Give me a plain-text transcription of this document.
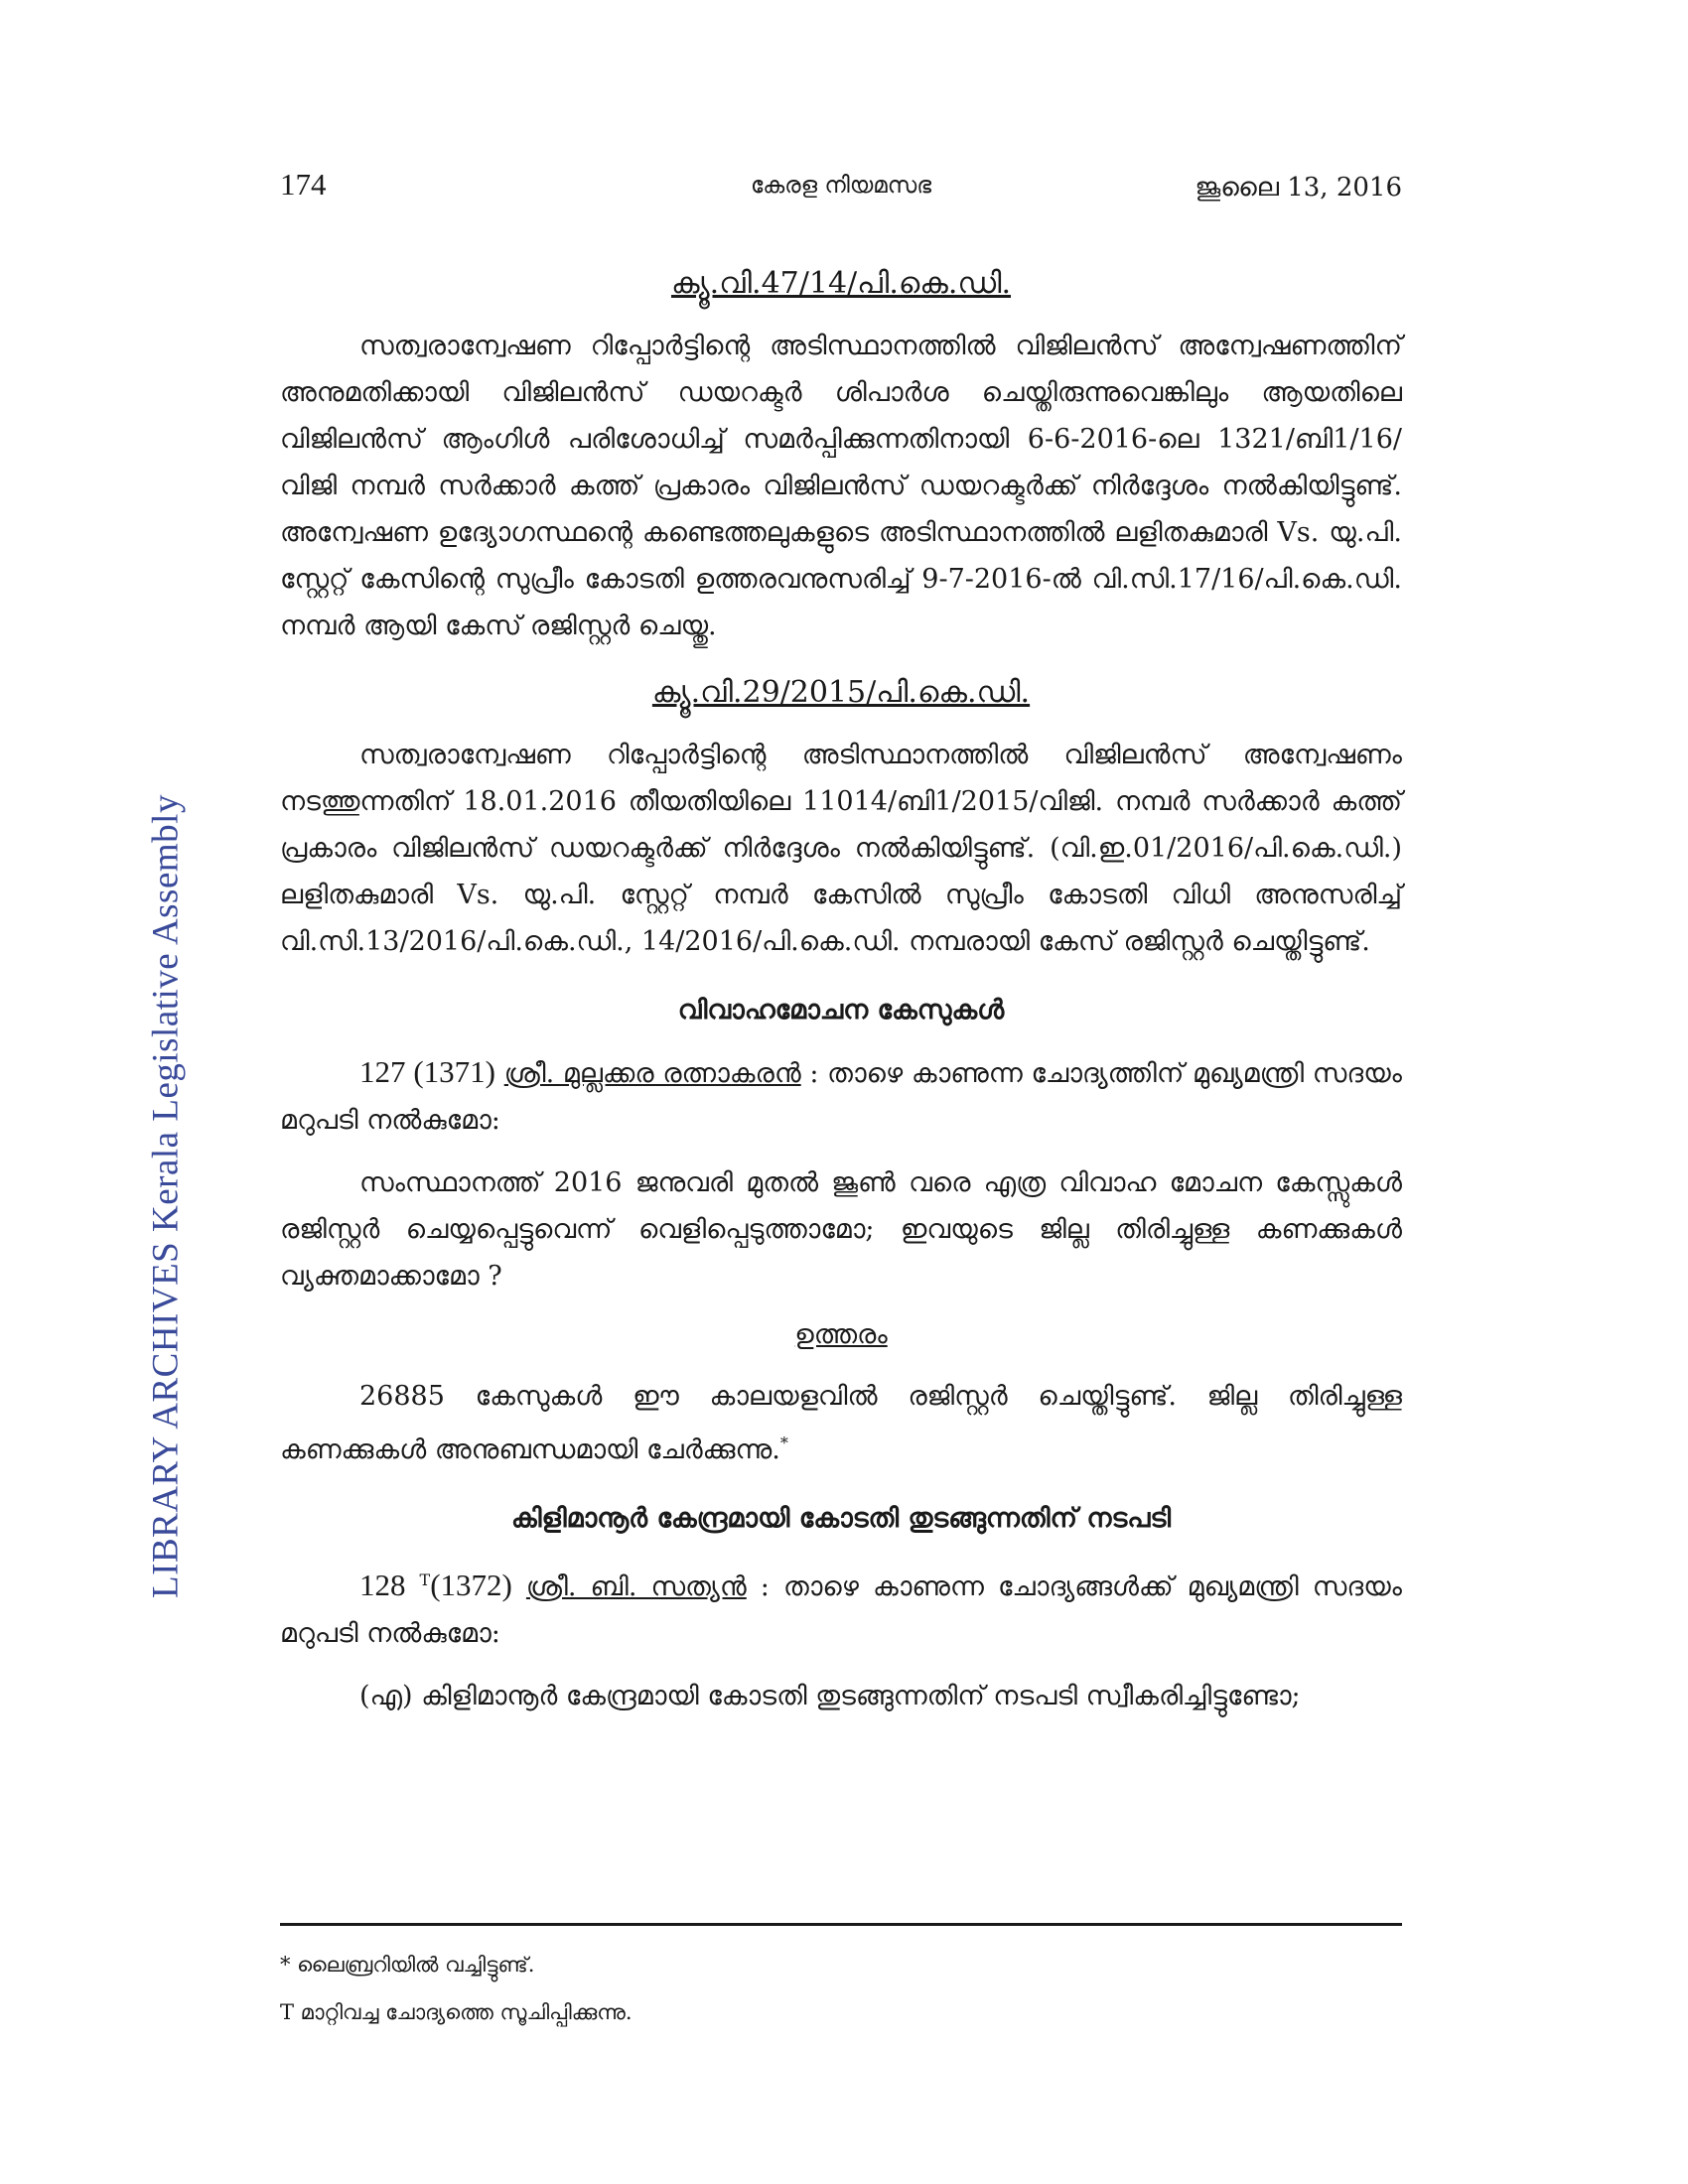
LIBRARY ARCHIVES Kerala Legislative Assembly
174	കേരള നിയമസഭ	ജൂലൈ 13, 2016
ക്യൂ.വി.47/14/പി.കെ.ഡി.

സത്വരാന്വേഷണ റിപ്പോർട്ടിന്റെ അടിസ്ഥാനത്തിൽ വിജിലൻസ് അന്വേഷണത്തിന് അനുമതിക്കായി വിജിലൻസ് ഡയറക്ടർ ശിപാർശ ചെയ്തിരുന്നുവെങ്കിലും ആയതിലെ വിജിലൻസ് ആംഗിൾ പരിശോധിച്ച് സമർപ്പിക്കുന്നതിനായി 6-6-2016-ലെ 1321/ബി1/16/വിജി നമ്പർ സർക്കാർ കത്ത് പ്രകാരം വിജിലൻസ് ഡയറക്ടർക്ക് നിർദ്ദേശം നൽകിയിട്ടുണ്ട്. അന്വേഷണ ഉദ്യോഗസ്ഥന്റെ കണ്ടെത്തലുകളുടെ അടിസ്ഥാനത്തിൽ ലളിതകുമാരി Vs. യു.പി. സ്റ്റേറ്റ് കേസിന്റെ സുപ്രീം കോടതി ഉത്തരവനുസരിച്ച് 9-7-2016-ൽ വി.സി.17/16/പി.കെ.ഡി. നമ്പർ ആയി കേസ് രജിസ്റ്റർ ചെയ്തു.

ക്യൂ.വി.29/2015/പി.കെ.ഡി.

സത്വരാന്വേഷണ റിപ്പോർട്ടിന്റെ അടിസ്ഥാനത്തിൽ വിജിലൻസ് അന്വേഷണം നടത്തുന്നതിന് 18.01.2016 തീയതിയിലെ 11014/ബി1/2015/വിജി. നമ്പർ സർക്കാർ കത്ത് പ്രകാരം വിജിലൻസ് ഡയറക്ടർക്ക് നിർദ്ദേശം നൽകിയിട്ടുണ്ട്. (വി.ഇ.01/2016/പി.കെ.ഡി.) ലളിതകുമാരി Vs. യു.പി. സ്റ്റേറ്റ് നമ്പർ കേസിൽ സുപ്രീം കോടതി വിധി അനുസരിച്ച് വി.സി.13/2016/പി.കെ.ഡി., 14/2016/പി.കെ.ഡി. നമ്പരായി കേസ് രജിസ്റ്റർ ചെയ്തിട്ടുണ്ട്.

വിവാഹമോചന കേസുകൾ

127 (1371) ശ്രീ. മുല്ലക്കര രത്നാകരൻ : താഴെ കാണുന്ന ചോദ്യത്തിന് മുഖ്യമന്ത്രി സദയം മറുപടി നൽകുമോ:

സംസ്ഥാനത്ത് 2016 ജനുവരി മുതൽ ജൂൺ വരെ എത്ര വിവാഹ മോചന കേസ്സുകൾ രജിസ്റ്റർ ചെയ്യപ്പെട്ടുവെന്ന് വെളിപ്പെടുത്താമോ; ഇവയുടെ ജില്ല തിരിച്ചുള്ള കണക്കുകൾ വ്യക്തമാക്കാമോ ?

ഉത്തരം

26885 കേസുകൾ ഈ കാലയളവിൽ രജിസ്റ്റർ ചെയ്തിട്ടുണ്ട്. ജില്ല തിരിച്ചുള്ള കണക്കുകൾ അനുബന്ധമായി ചേർക്കുന്നു.*

കിളിമാനൂർ കേന്ദ്രമായി കോടതി തുടങ്ങുന്നതിന് നടപടി

128 $^T$(1372) ശ്രീ. ബി. സത്യൻ : താഴെ കാണുന്ന ചോദ്യങ്ങൾക്ക് മുഖ്യമന്ത്രി സദയം മറുപടി നൽകുമോ:

(എ) കിളിമാനൂർ കേന്ദ്രമായി കോടതി തുടങ്ങുന്നതിന് നടപടി സ്വീകരിച്ചിട്ടുണ്ടോ;

* ലൈബ്രറിയിൽ വച്ചിട്ടുണ്ട്.
T മാറ്റിവച്ച ചോദ്യത്തെ സൂചിപ്പിക്കുന്നു.
